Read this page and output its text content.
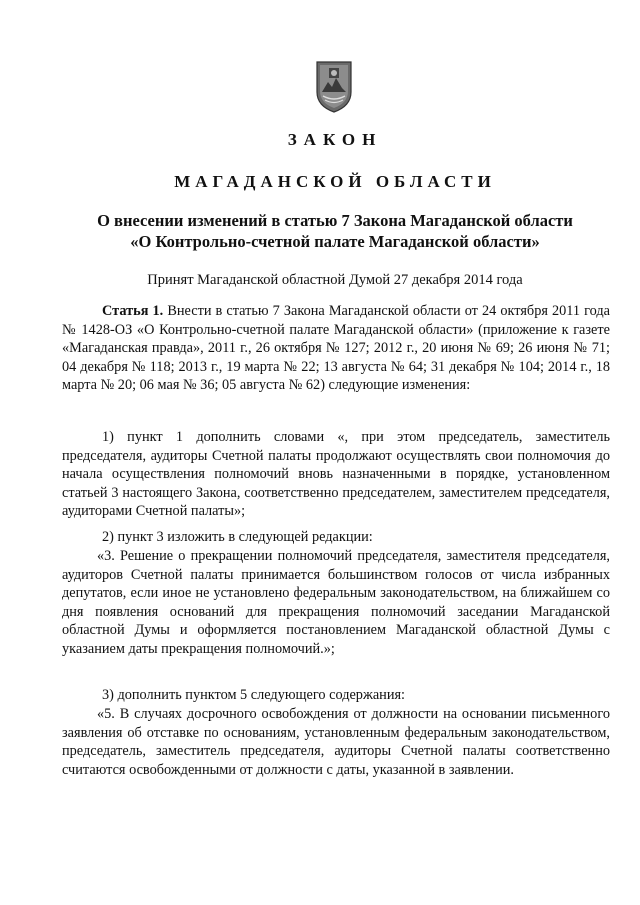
ЗАКОН
МАГАДАНСКОЙ ОБЛАСТИ
О внесении изменений в статью 7 Закона Магаданской области
«О Контрольно-счетной палате Магаданской области»
Принят Магаданской областной Думой 27 декабря 2014 года

Статья 1. Внести в статью 7 Закона Магаданской области от 24 октября 2011 года № 1428-ОЗ «О Контрольно-счетной палате Магаданской области» (приложение к газете «Магаданская правда», 2011 г., 26 октября № 127; 2012 г., 20 июня № 69; 26 июня № 71; 04 декабря № 118; 2013 г., 19 марта № 22; 13 августа № 64; 31 декабря № 104; 2014 г., 18 марта № 20; 06 мая № 36; 05 августа № 62) следующие изменения:

1) пункт 1 дополнить словами «, при этом председатель, заместитель председателя, аудиторы Счетной палаты продолжают осуществлять свои полномочия до начала осуществления полномочий вновь назначенными в порядке, установленном статьей 3 настоящего Закона, соответственно председателем, заместителем председателя, аудиторами Счетной палаты»;

2) пункт 3 изложить в следующей редакции:

«3. Решение о прекращении полномочий председателя, заместителя председателя, аудиторов Счетной палаты принимается большинством голосов от числа избранных депутатов, если иное не установлено федеральным законодательством, на ближайшем со дня появления оснований для прекращения полномочий заседании Магаданской областной Думы и оформляется постановлением Магаданской областной Думы с указанием даты прекращения полномочий.»;

3) дополнить пунктом 5 следующего содержания:

«5. В случаях досрочного освобождения от должности на основании письменного заявления об отставке по основаниям, установленным федеральным законодательством, председатель, заместитель председателя, аудиторы Счетной палаты соответственно считаются освобожденными от должности с даты, указанной в заявлении.
